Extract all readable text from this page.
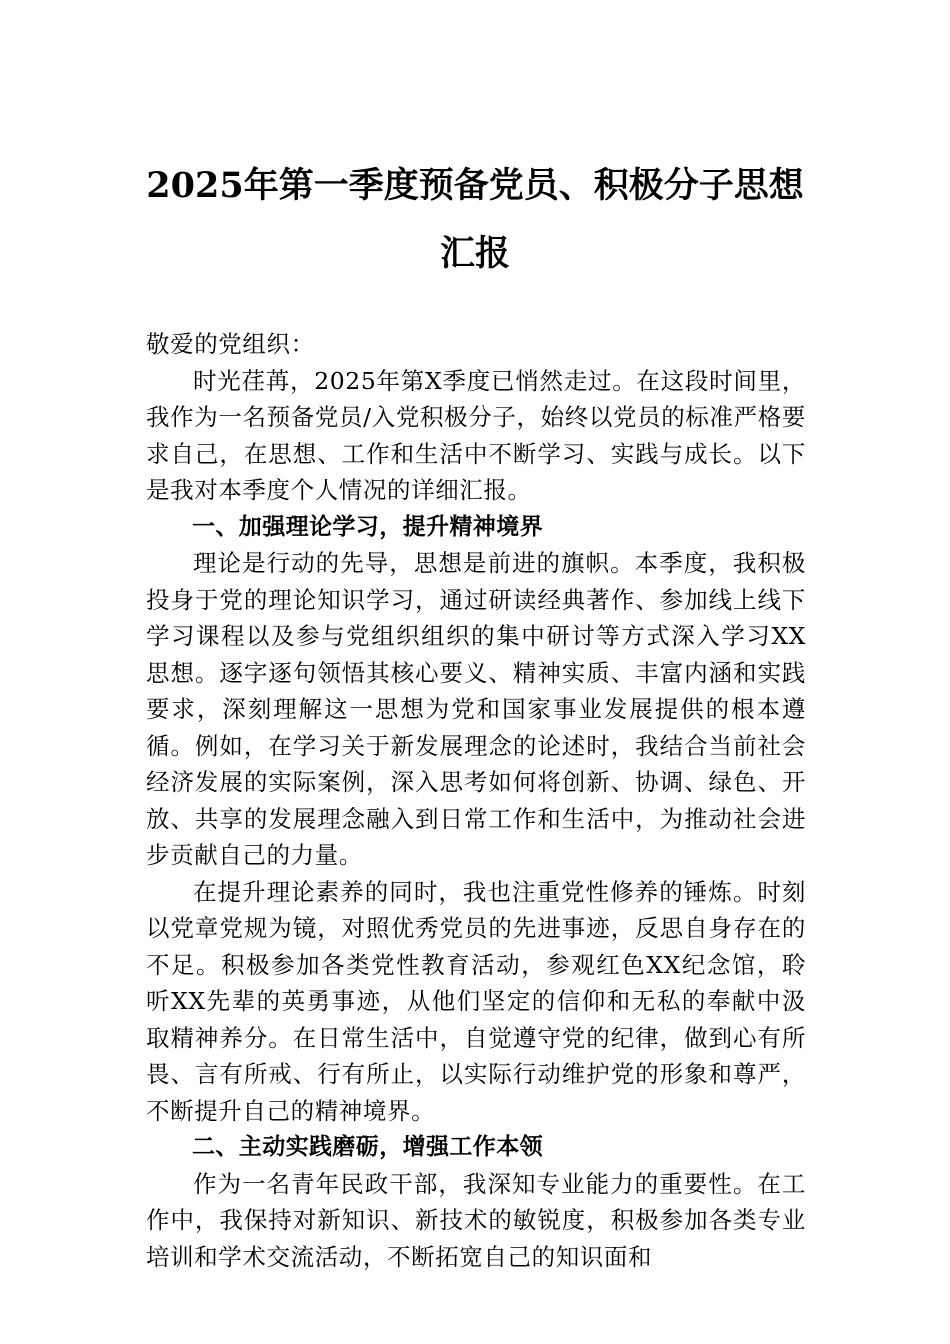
2025年第一季度预备党员、积极分子思想
汇报

敬爱的党组织：

时光荏苒，2025年第X季度已悄然走过。在这段时间里，我作为一名预备党员/入党积极分子，始终以党员的标准严格要求自己，在思想、工作和生活中不断学习、实践与成长。以下是我对本季度个人情况的详细汇报。

一、加强理论学习，提升精神境界

理论是行动的先导，思想是前进的旗帜。本季度，我积极投身于党的理论知识学习，通过研读经典著作、参加线上线下学习课程以及参与党组织组织的集中研讨等方式深入学习XX思想。逐字逐句领悟其核心要义、精神实质、丰富内涵和实践要求，深刻理解这一思想为党和国家事业发展提供的根本遵循。例如，在学习关于新发展理念的论述时，我结合当前社会经济发展的实际案例，深入思考如何将创新、协调、绿色、开放、共享的发展理念融入到日常工作和生活中，为推动社会进步贡献自己的力量。

在提升理论素养的同时，我也注重党性修养的锤炼。时刻以党章党规为镜，对照优秀党员的先进事迹，反思自身存在的不足。积极参加各类党性教育活动，参观红色XX纪念馆，聆听XX先辈的英勇事迹，从他们坚定的信仰和无私的奉献中汲取精神养分。在日常生活中，自觉遵守党的纪律，做到心有所畏、言有所戒、行有所止，以实际行动维护党的形象和尊严，不断提升自己的精神境界。

二、主动实践磨砺，增强工作本领

作为一名青年民政干部，我深知专业能力的重要性。在工作中，我保持对新知识、新技术的敏锐度，积极参加各类专业培训和学术交流活动，不断拓宽自己的知识面和
